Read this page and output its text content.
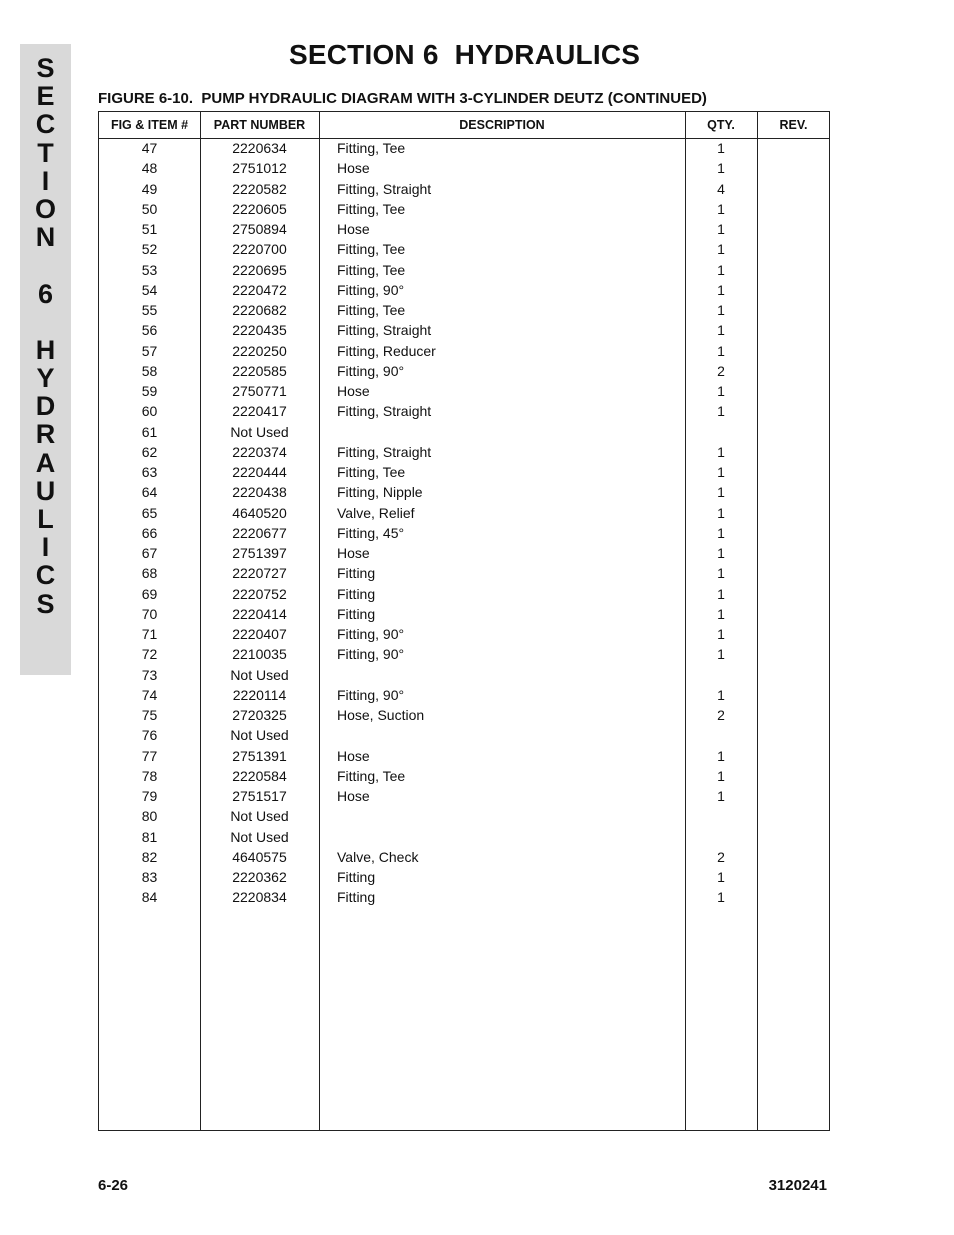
S
E
C
T
I
O
N
6
H
Y
D
R
A
U
L
I
C
S
SECTION 6  HYDRAULICS
FIGURE 6-10.  PUMP HYDRAULIC DIAGRAM WITH 3-CYLINDER DEUTZ (CONTINUED)
FIG & ITEM #	PART NUMBER	DESCRIPTION	QTY.	REV.
47	2220634	Fitting, Tee	1
48	2751012	Hose	1
49	2220582	Fitting, Straight	4
50	2220605	Fitting, Tee	1
51	2750894	Hose	1
52	2220700	Fitting, Tee	1
53	2220695	Fitting, Tee	1
54	2220472	Fitting, 90°	1
55	2220682	Fitting, Tee	1
56	2220435	Fitting, Straight	1
57	2220250	Fitting, Reducer	1
58	2220585	Fitting, 90°	2
59	2750771	Hose	1
60	2220417	Fitting, Straight	1
61	Not Used
62	2220374	Fitting, Straight	1
63	2220444	Fitting, Tee	1
64	2220438	Fitting, Nipple	1
65	4640520	Valve, Relief	1
66	2220677	Fitting, 45°	1
67	2751397	Hose	1
68	2220727	Fitting	1
69	2220752	Fitting	1
70	2220414	Fitting	1
71	2220407	Fitting, 90°	1
72	2210035	Fitting, 90°	1
73	Not Used
74	2220114	Fitting, 90°	1
75	2720325	Hose, Suction	2
76	Not Used
77	2751391	Hose	1
78	2220584	Fitting, Tee	1
79	2751517	Hose	1
80	Not Used
81	Not Used
82	4640575	Valve, Check	2
83	2220362	Fitting	1
84	2220834	Fitting	1
6-26	3120241
